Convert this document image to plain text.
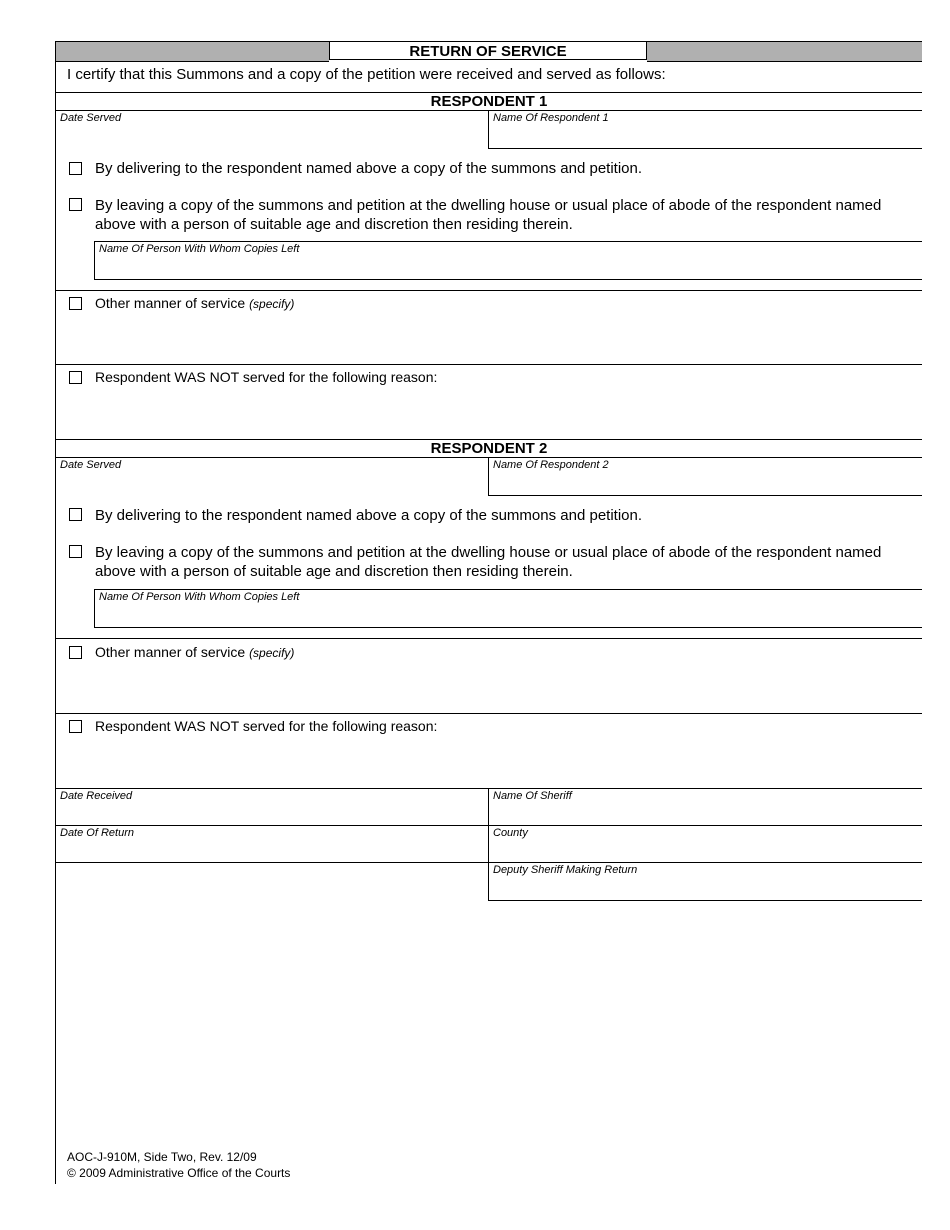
RETURN OF SERVICE
I certify that this Summons and a copy of the petition were received and served as follows:
RESPONDENT 1
Date Served	Name Of Respondent 1
By delivering to the respondent named above a copy of the summons and petition.
By leaving a copy of the summons and petition at the dwelling house or usual place of abode of the respondent named
above with a person of suitable age and discretion then residing therein.
Name Of Person With Whom Copies Left
Other manner of service (specify)
Respondent WAS NOT served for the following reason:
RESPONDENT 2
Date Served	Name Of Respondent 2
By delivering to the respondent named above a copy of the summons and petition.
By leaving a copy of the summons and petition at the dwelling house or usual place of abode of the respondent named
above with a person of suitable age and discretion then residing therein.
Name Of Person With Whom Copies Left
Other manner of service (specify)
Respondent WAS NOT served for the following reason:
Date Received	Name Of Sheriff
Date Of Return	County
Deputy Sheriff Making Return
AOC-J-910M, Side Two, Rev. 12/09
© 2009 Administrative Office of the Courts
